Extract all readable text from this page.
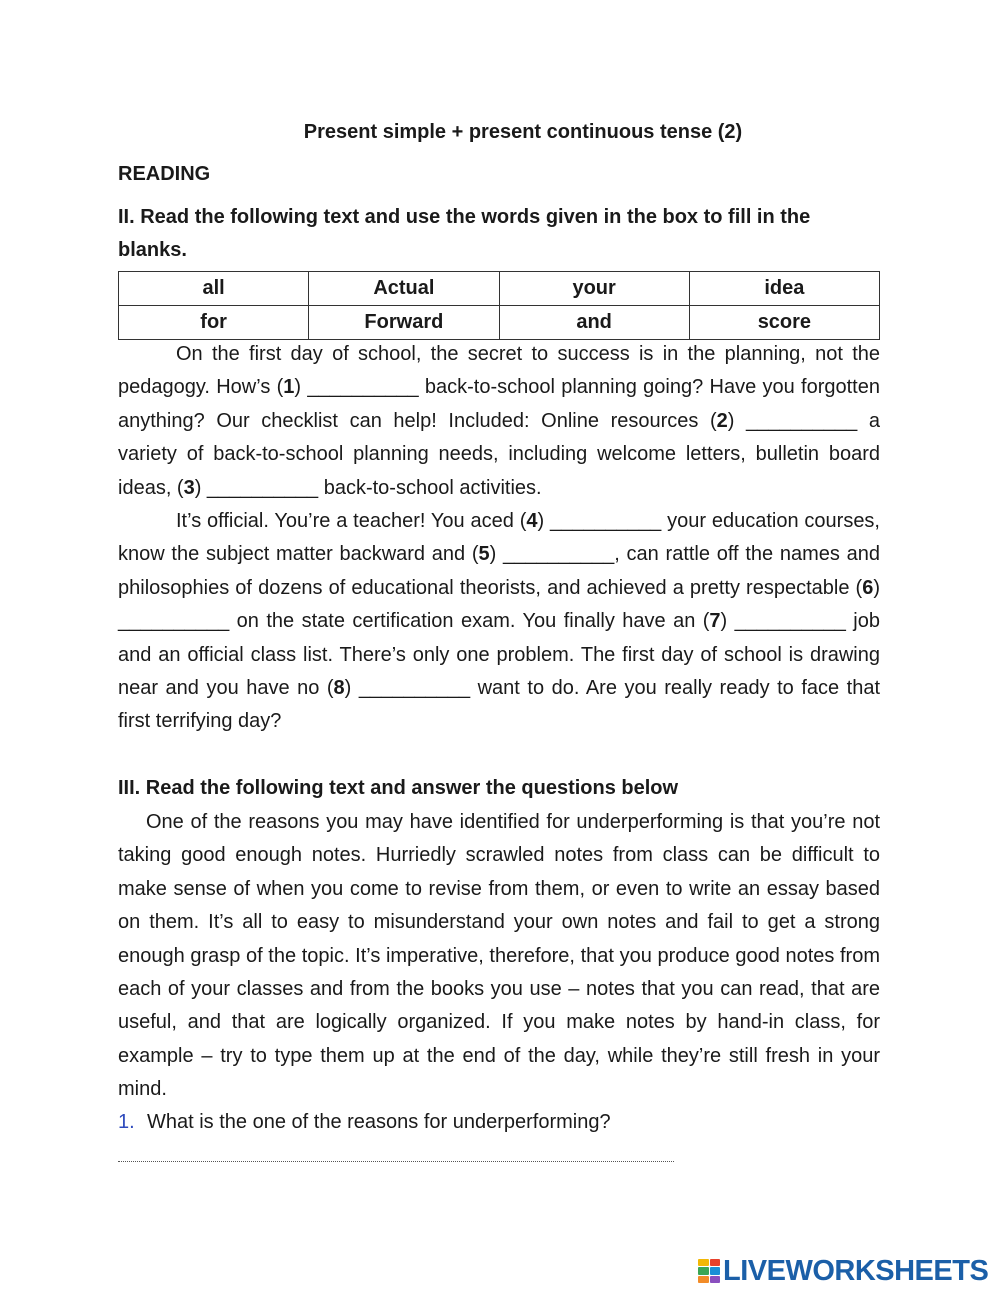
Present simple + present continuous tense (2)
READING
II. Read the following text and use the words given in the box to fill in the blanks.
all	Actual	your	idea
for	Forward	and	score

On the first day of school, the secret to success is in the planning, not the pedagogy. How’s (1) __________ back-to-school planning going? Have you forgotten anything? Our checklist can help! Included: Online resources (2) __________ a variety of back-to-school planning needs, including welcome letters, bulletin board ideas, (3) __________ back-to-school activities.

It’s official. You’re a teacher! You aced (4) __________ your education courses, know the subject matter backward and (5) __________, can rattle off the names and philosophies of dozens of educational theorists, and achieved a pretty respectable (6) __________ on the state certification exam. You finally have an (7) __________ job and an official class list. There’s only one problem. The first day of school is drawing near and you have no (8) __________ want to do. Are you really ready to face that first terrifying day?

III. Read the following text and answer the questions below

One of the reasons you may have identified for underperforming is that you’re not taking good enough notes. Hurriedly scrawled notes from class can be difficult to make sense of when you come to revise from them, or even to write an essay based on them. It’s all to easy to misunderstand your own notes and fail to get a strong enough grasp of the topic. It’s imperative, therefore, that you produce good notes from each of your classes and from the books you use – notes that you can read, that are useful, and that are logically organized. If you make notes by hand-in class, for example – try to type them up at the end of the day, while they’re still fresh in your mind.

1. What is the one of the reasons for underperforming?
LIVEWORKSHEETS
